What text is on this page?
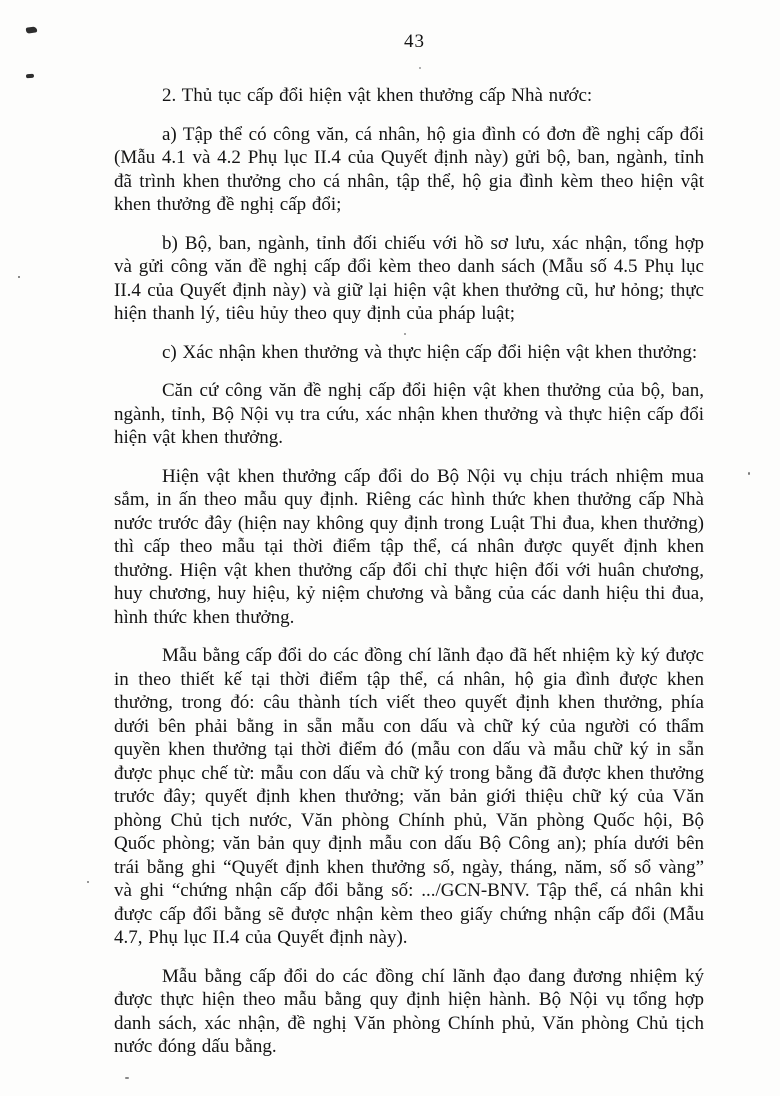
43

2. Thủ tục cấp đổi hiện vật khen thưởng cấp Nhà nước:

a) Tập thể có công văn, cá nhân, hộ gia đình có đơn đề nghị cấp đổi (Mẫu 4.1 và 4.2 Phụ lục II.4 của Quyết định này) gửi bộ, ban, ngành, tỉnh đã trình khen thưởng cho cá nhân, tập thể, hộ gia đình kèm theo hiện vật khen thưởng đề nghị cấp đổi;

b) Bộ, ban, ngành, tỉnh đối chiếu với hồ sơ lưu, xác nhận, tổng hợp và gửi công văn đề nghị cấp đổi kèm theo danh sách (Mẫu số 4.5 Phụ lục II.4 của Quyết định này) và giữ lại hiện vật khen thưởng cũ, hư hỏng; thực hiện thanh lý, tiêu hủy theo quy định của pháp luật;

c) Xác nhận khen thưởng và thực hiện cấp đổi hiện vật khen thưởng:

Căn cứ công văn đề nghị cấp đổi hiện vật khen thưởng của bộ, ban, ngành, tỉnh, Bộ Nội vụ tra cứu, xác nhận khen thưởng và thực hiện cấp đổi hiện vật khen thưởng.

Hiện vật khen thưởng cấp đổi do Bộ Nội vụ chịu trách nhiệm mua sắm, in ấn theo mẫu quy định. Riêng các hình thức khen thưởng cấp Nhà nước trước đây (hiện nay không quy định trong Luật Thi đua, khen thưởng) thì cấp theo mẫu tại thời điểm tập thể, cá nhân được quyết định khen thưởng. Hiện vật khen thưởng cấp đổi chỉ thực hiện đối với huân chương, huy chương, huy hiệu, kỷ niệm chương và bằng của các danh hiệu thi đua, hình thức khen thưởng.

Mẫu bằng cấp đổi do các đồng chí lãnh đạo đã hết nhiệm kỳ ký được in theo thiết kế tại thời điểm tập thể, cá nhân, hộ gia đình được khen thưởng, trong đó: câu thành tích viết theo quyết định khen thưởng, phía dưới bên phải bằng in sẵn mẫu con dấu và chữ ký của người có thẩm quyền khen thưởng tại thời điểm đó (mẫu con dấu và mẫu chữ ký in sẵn được phục chế từ: mẫu con dấu và chữ ký trong bằng đã được khen thưởng trước đây; quyết định khen thưởng; văn bản giới thiệu chữ ký của Văn phòng Chủ tịch nước, Văn phòng Chính phủ, Văn phòng Quốc hội, Bộ Quốc phòng; văn bản quy định mẫu con dấu Bộ Công an); phía dưới bên trái bằng ghi “Quyết định khen thưởng số, ngày, tháng, năm, số sổ vàng” và ghi “chứng nhận cấp đổi bằng số: .../GCN-BNV. Tập thể, cá nhân khi được cấp đổi bằng sẽ được nhận kèm theo giấy chứng nhận cấp đổi (Mẫu 4.7, Phụ lục II.4 của Quyết định này).

Mẫu bằng cấp đổi do các đồng chí lãnh đạo đang đương nhiệm ký được thực hiện theo mẫu bằng quy định hiện hành. Bộ Nội vụ tổng hợp danh sách, xác nhận, đề nghị Văn phòng Chính phủ, Văn phòng Chủ tịch nước đóng dấu bằng.
